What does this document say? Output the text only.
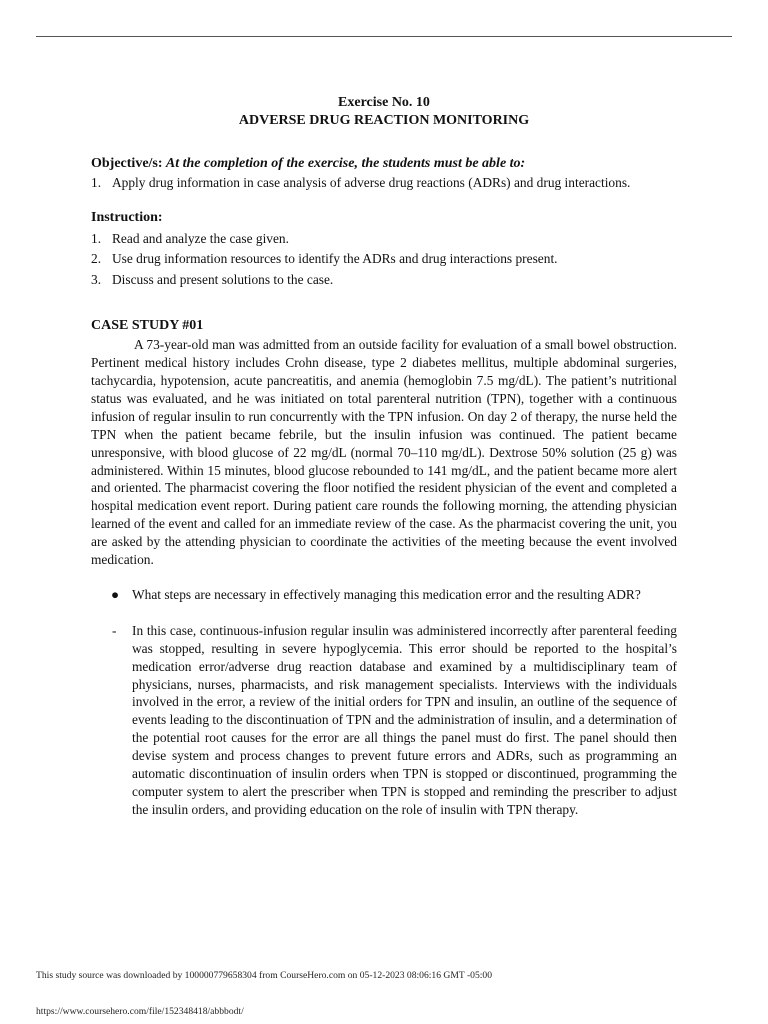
Exercise No. 10
ADVERSE DRUG REACTION MONITORING
Objective/s: At the completion of the exercise, the students must be able to:
1. Apply drug information in case analysis of adverse drug reactions (ADRs) and drug interactions.
Instruction:
1. Read and analyze the case given.
2. Use drug information resources to identify the ADRs and drug interactions present.
3. Discuss and present solutions to the case.
CASE STUDY #01
A 73-year-old man was admitted from an outside facility for evaluation of a small bowel obstruction. Pertinent medical history includes Crohn disease, type 2 diabetes mellitus, multiple abdominal surgeries, tachycardia, hypotension, acute pancreatitis, and anemia (hemoglobin 7.5 mg/dL). The patient’s nutritional status was evaluated, and he was initiated on total parenteral nutrition (TPN), together with a continuous infusion of regular insulin to run concurrently with the TPN infusion. On day 2 of therapy, the nurse held the TPN when the patient became febrile, but the insulin infusion was continued. The patient became unresponsive, with blood glucose of 22 mg/dL (normal 70–110 mg/dL). Dextrose 50% solution (25 g) was administered. Within 15 minutes, blood glucose rebounded to 141 mg/dL, and the patient became more alert and oriented. The pharmacist covering the floor notified the resident physician of the event and completed a hospital medication event report. During patient care rounds the following morning, the attending physician learned of the event and called for an immediate review of the case. As the pharmacist covering the unit, you are asked by the attending physician to coordinate the activities of the meeting because the event involved medication.
● What steps are necessary in effectively managing this medication error and the resulting ADR?
- In this case, continuous-infusion regular insulin was administered incorrectly after parenteral feeding was stopped, resulting in severe hypoglycemia. This error should be reported to the hospital’s medication error/adverse drug reaction database and examined by a multidisciplinary team of physicians, nurses, pharmacists, and risk management specialists. Interviews with the individuals involved in the error, a review of the initial orders for TPN and insulin, an outline of the sequence of events leading to the discontinuation of TPN and the administration of insulin, and a determination of the potential root causes for the error are all things the panel must do first. The panel should then devise system and process changes to prevent future errors and ADRs, such as programming an automatic discontinuation of insulin orders when TPN is stopped or discontinued, programming the computer system to alert the prescriber when TPN is stopped and reminding the prescriber to adjust the insulin orders, and providing education on the role of insulin with TPN therapy.
This study source was downloaded by 100000779658304 from CourseHero.com on 05-12-2023 08:06:16 GMT -05:00
https://www.coursehero.com/file/152348418/abbbodt/
